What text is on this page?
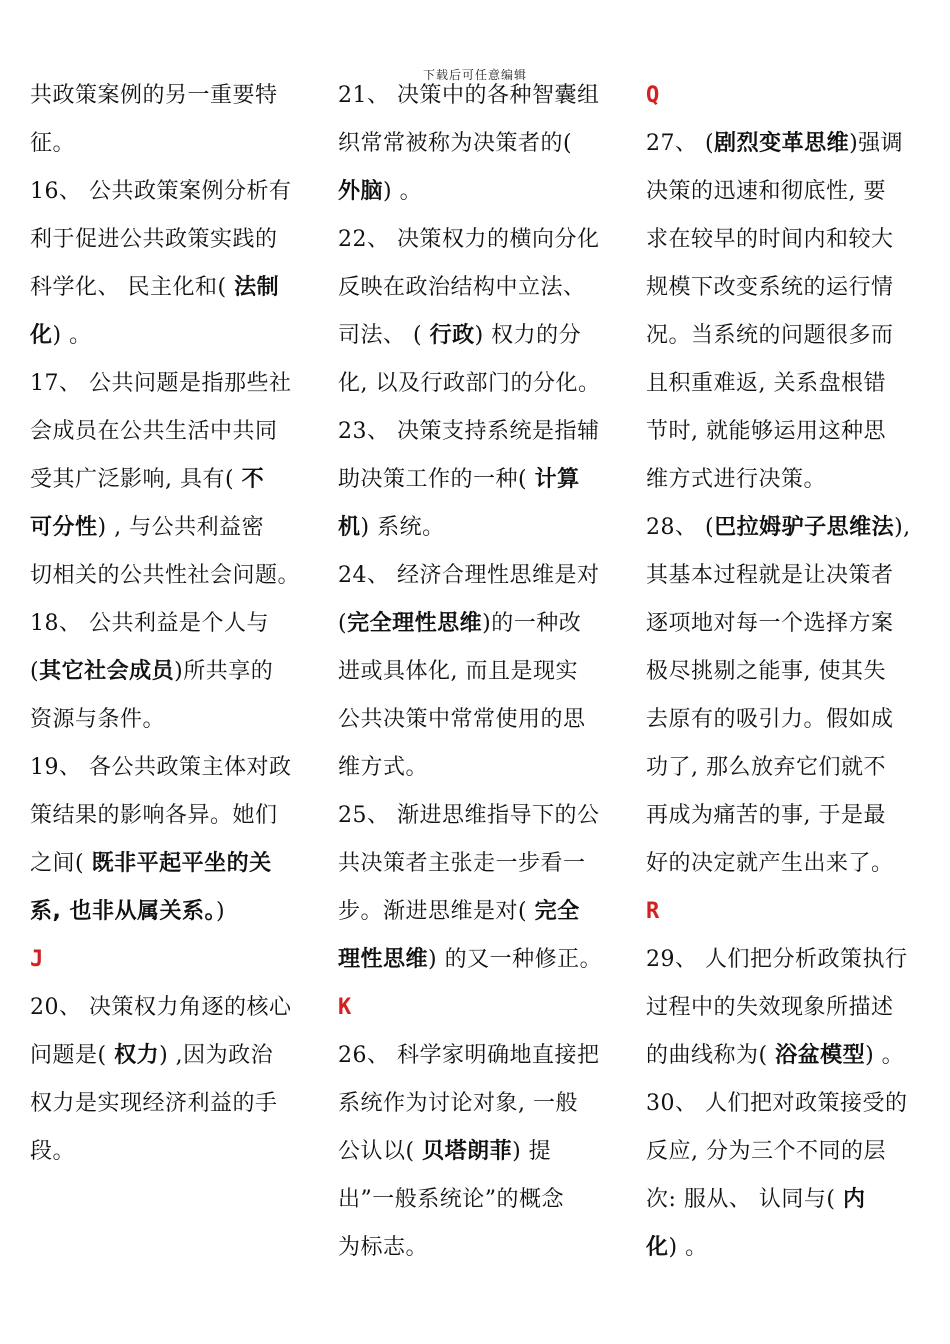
下载后可任意编辑
共政策案例的另一重要特
征。
16、 公共政策案例分析有
利于促进公共政策实践的
科学化、 民主化和( 法制
化) 。
17、 公共问题是指那些社
会成员在公共生活中共同
受其广泛影响, 具有( 不
可分性) , 与公共利益密
切相关的公共性社会问题。
18、 公共利益是个人与
(其它社会成员)所共享的
资源与条件。
19、 各公共政策主体对政
策结果的影响各异。她们
之间( 既非平起平坐的关
系, 也非从属关系。)
J
20、 决策权力角逐的核心
问题是( 权力) ,因为政治
权力是实现经济利益的手
段。
21、 决策中的各种智囊组
织常常被称为决策者的(
外脑) 。
22、 决策权力的横向分化
反映在政治结构中立法、
司法、 ( 行政) 权力的分
化, 以及行政部门的分化。
23、 决策支持系统是指辅
助决策工作的一种( 计算
机) 系统。
24、 经济合理性思维是对
(完全理性思维)的一种改
进或具体化, 而且是现实
公共决策中常常使用的思
维方式。
25、 渐进思维指导下的公
共决策者主张走一步看一
步。渐进思维是对( 完全
理性思维) 的又一种修正。
K
26、 科学家明确地直接把
系统作为讨论对象, 一般
公认以( 贝塔朗菲) 提
出”一般系统论”的概念
为标志。
Q
27、 (剧烈变革思维)强调
决策的迅速和彻底性, 要
求在较早的时间内和较大
规模下改变系统的运行情
况。当系统的问题很多而
且积重难返, 关系盘根错
节时, 就能够运用这种思
维方式进行决策。
28、 (巴拉姆驴子思维法),
其基本过程就是让决策者
逐项地对每一个选择方案
极尽挑剔之能事, 使其失
去原有的吸引力。假如成
功了, 那么放弃它们就不
再成为痛苦的事, 于是最
好的决定就产生出来了。
R
29、 人们把分析政策执行
过程中的失效现象所描述
的曲线称为( 浴盆模型) 。
30、 人们把对政策接受的
反应, 分为三个不同的层
次: 服从、 认同与( 内
化) 。
